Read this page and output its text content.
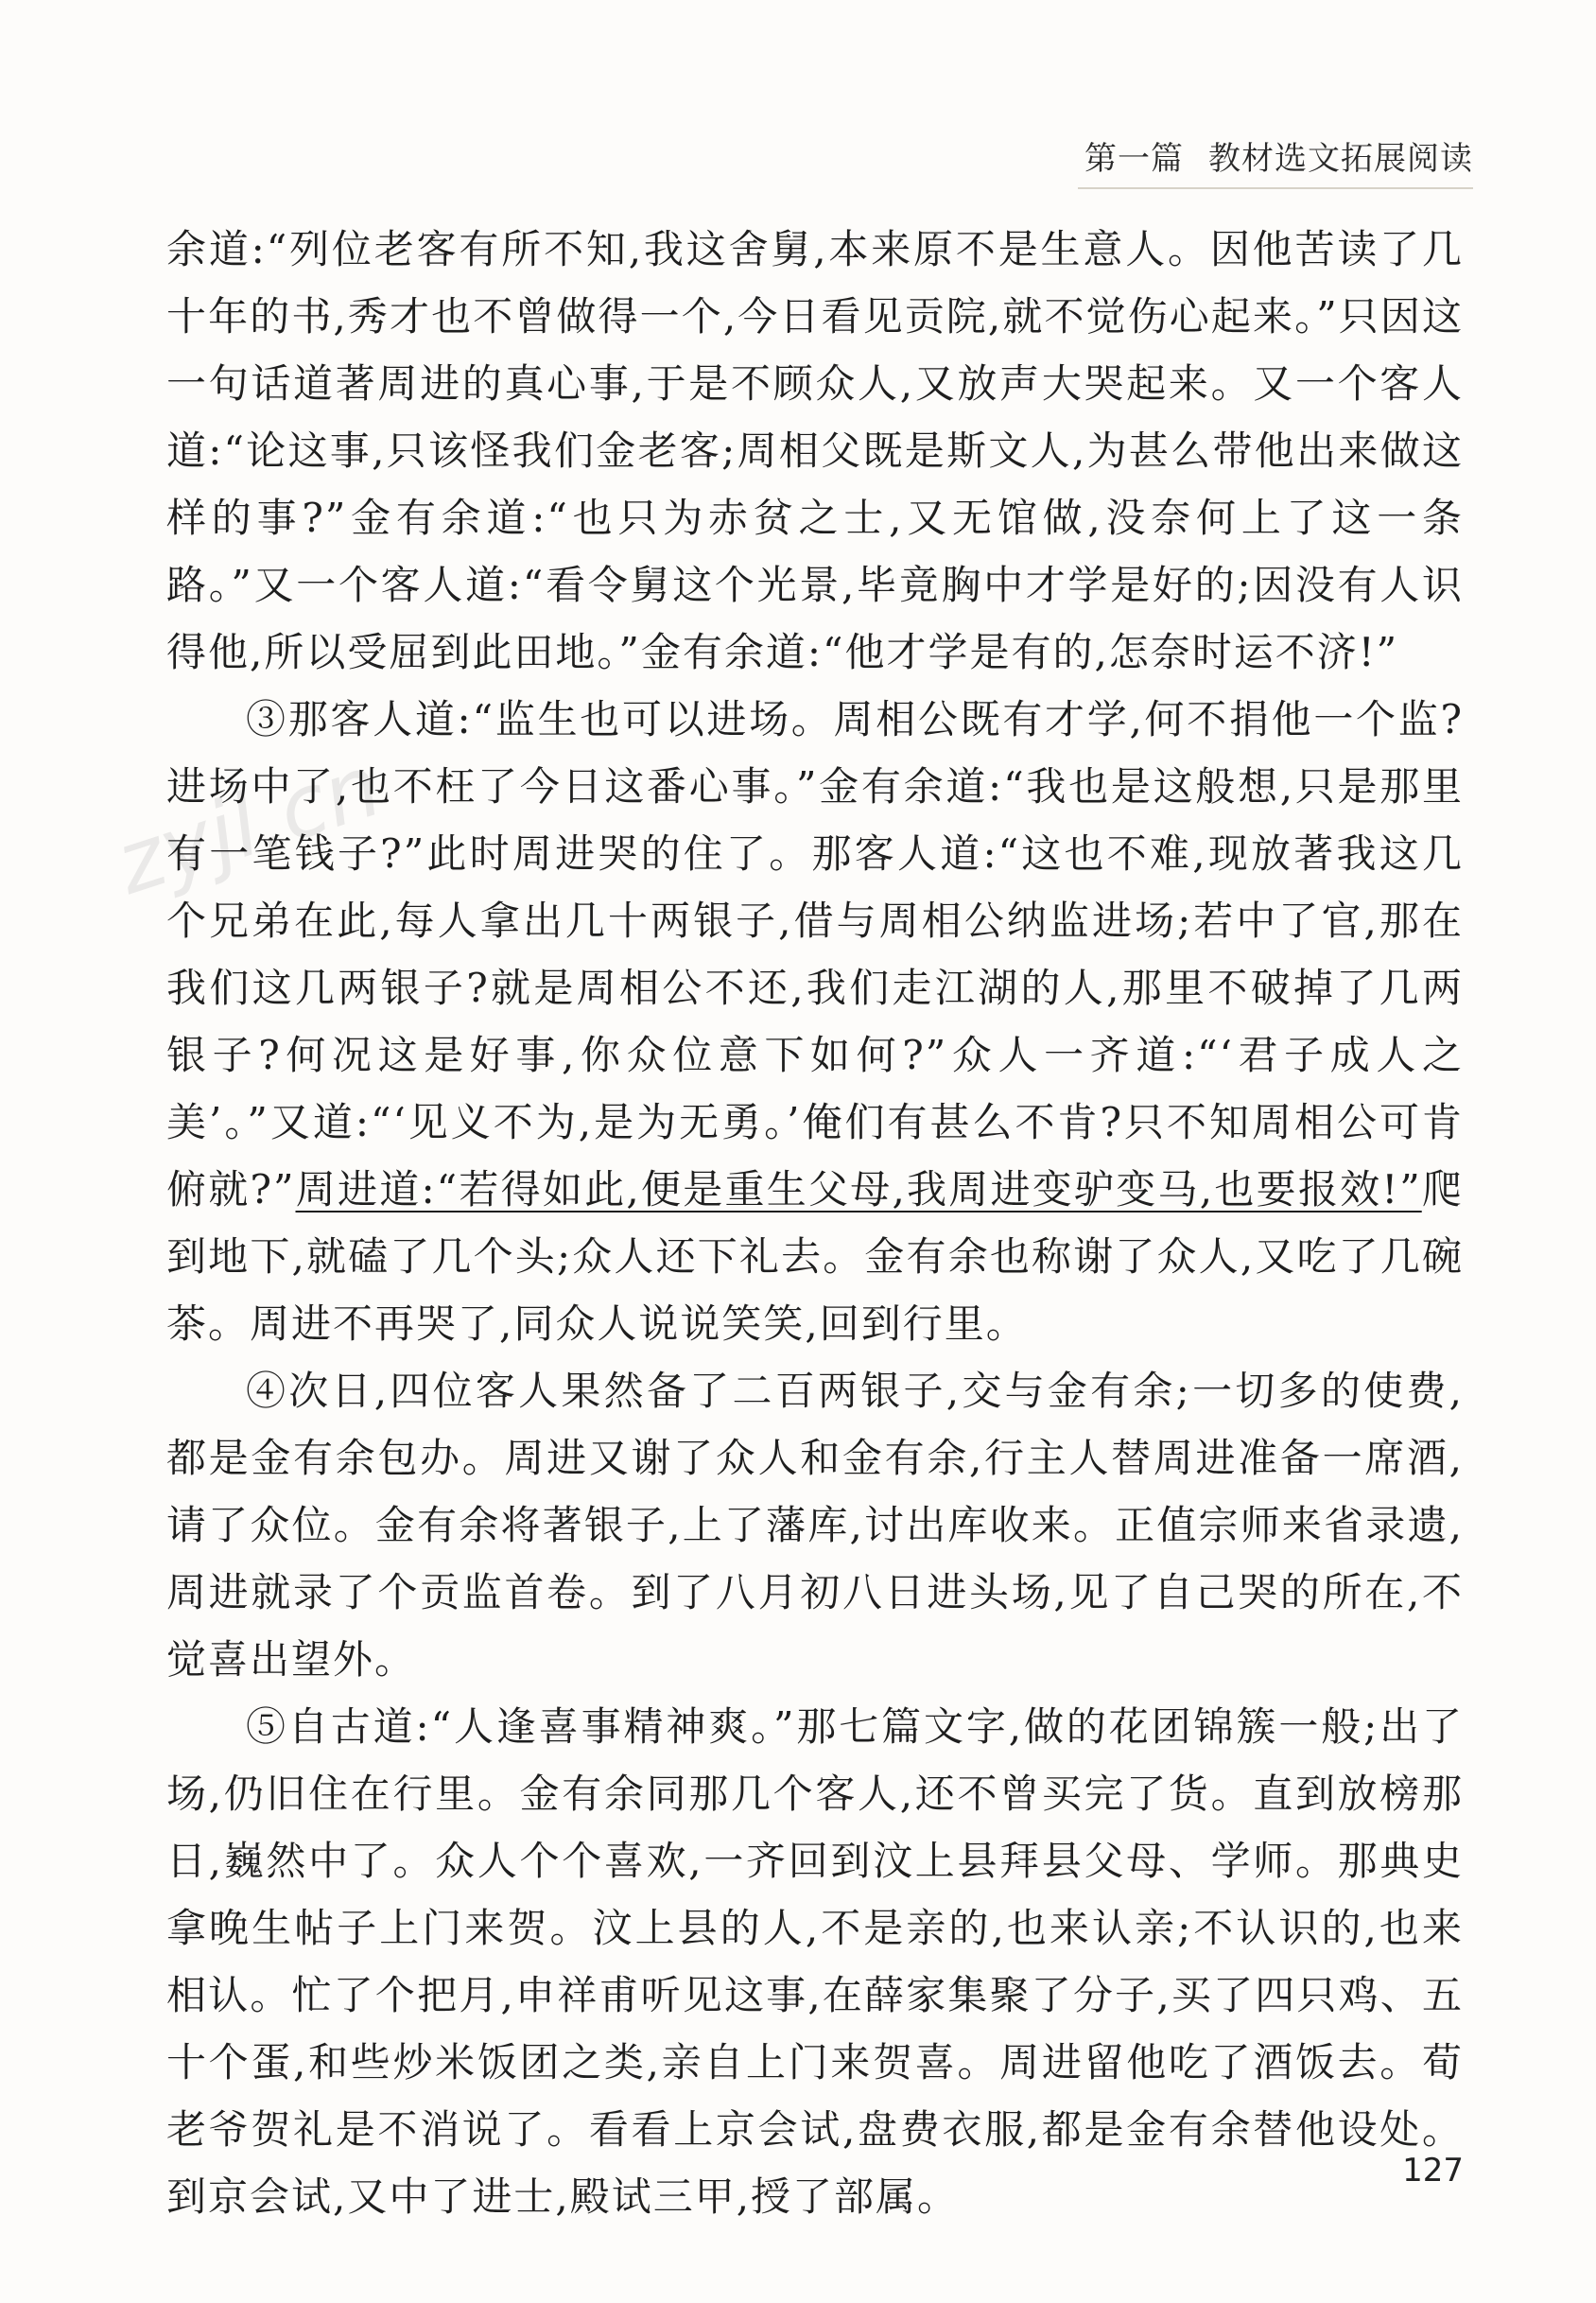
第一篇 教材选文拓展阅读
zyjl.cn

余道:“列位老客有所不知,我这舍舅,本来原不是生意人。因他苦读了几十年的书,秀才也不曾做得一个,今日看见贡院,就不觉伤心起来。”只因这一句话道著周进的真心事,于是不顾众人,又放声大哭起来。又一个客人道:“论这事,只该怪我们金老客;周相父既是斯文人,为甚么带他出来做这样的事?”金有余道:“也只为赤贫之士,又无馆做,没奈何上了这一条路。”又一个客人道:“看令舅这个光景,毕竟胸中才学是好的;因没有人识得他,所以受屈到此田地。”金有余道:“他才学是有的,怎奈时运不济!”

③那客人道:“监生也可以进场。周相公既有才学,何不捐他一个监?进场中了,也不枉了今日这番心事。”金有余道:“我也是这般想,只是那里有一笔钱子?”此时周进哭的住了。那客人道:“这也不难,现放著我这几个兄弟在此,每人拿出几十两银子,借与周相公纳监进场;若中了官,那在我们这几两银子?就是周相公不还,我们走江湖的人,那里不破掉了几两银子?何况这是好事,你众位意下如何?”众人一齐道:“‘君子成人之美’。”又道:“‘见义不为,是为无勇。’俺们有甚么不肯?只不知周相公可肯俯就?”周进道:“若得如此,便是重生父母,我周进变驴变马,也要报效!”爬到地下,就磕了几个头;众人还下礼去。金有余也称谢了众人,又吃了几碗茶。周进不再哭了,同众人说说笑笑,回到行里。

④次日,四位客人果然备了二百两银子,交与金有余;一切多的使费,都是金有余包办。周进又谢了众人和金有余,行主人替周进准备一席酒,请了众位。金有余将著银子,上了藩库,讨出库收来。正值宗师来省录遗,周进就录了个贡监首卷。到了八月初八日进头场,见了自己哭的所在,不觉喜出望外。

⑤自古道:“人逢喜事精神爽。”那七篇文字,做的花团锦簇一般;出了场,仍旧住在行里。金有余同那几个客人,还不曾买完了货。直到放榜那日,巍然中了。众人个个喜欢,一齐回到汶上县拜县父母、学师。那典史拿晚生帖子上门来贺。汶上县的人,不是亲的,也来认亲;不认识的,也来相认。忙了个把月,申祥甫听见这事,在薛家集聚了分子,买了四只鸡、五十个蛋,和些炒米饭团之类,亲自上门来贺喜。周进留他吃了酒饭去。荀老爷贺礼是不消说了。看看上京会试,盘费衣服,都是金有余替他设处。到京会试,又中了进士,殿试三甲,授了部属。

127
